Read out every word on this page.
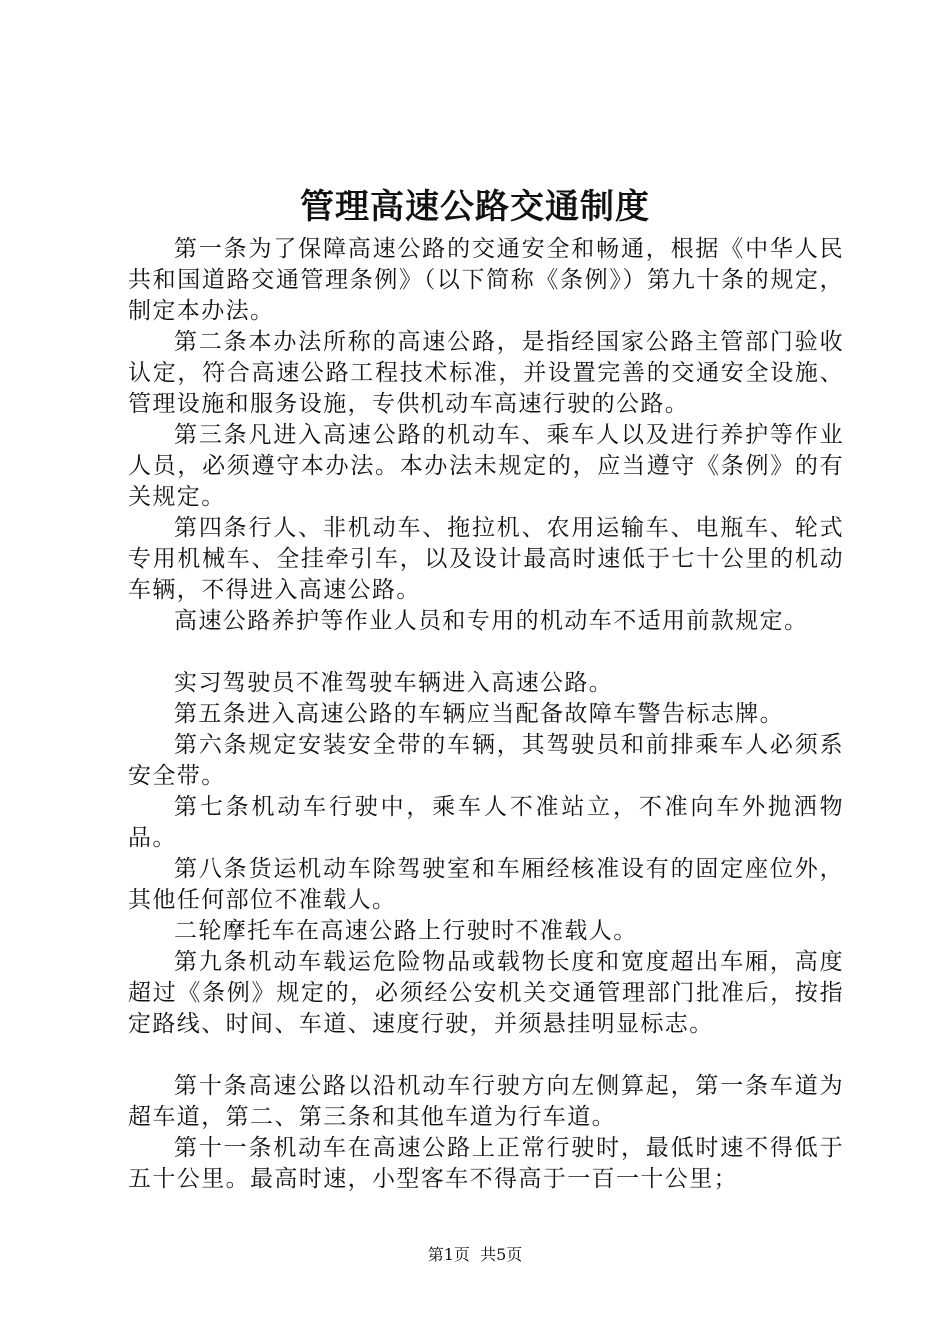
管理高速公路交通制度

第一条为了保障高速公路的交通安全和畅通，根据《中华人民共和国道路交通管理条例》（以下简称《条例》）第九十条的规定，制定本办法。

第二条本办法所称的高速公路，是指经国家公路主管部门验收认定，符合高速公路工程技术标准，并设置完善的交通安全设施、管理设施和服务设施，专供机动车高速行驶的公路。

第三条凡进入高速公路的机动车、乘车人以及进行养护等作业人员，必须遵守本办法。本办法未规定的，应当遵守《条例》的有关规定。

第四条行人、非机动车、拖拉机、农用运输车、电瓶车、轮式专用机械车、全挂牵引车，以及设计最高时速低于七十公里的机动车辆，不得进入高速公路。

高速公路养护等作业人员和专用的机动车不适用前款规定。

实习驾驶员不准驾驶车辆进入高速公路。

第五条进入高速公路的车辆应当配备故障车警告标志牌。

第六条规定安装安全带的车辆，其驾驶员和前排乘车人必须系安全带。

第七条机动车行驶中，乘车人不准站立，不准向车外抛洒物品。

第八条货运机动车除驾驶室和车厢经核准设有的固定座位外，其他任何部位不准载人。

二轮摩托车在高速公路上行驶时不准载人。

第九条机动车载运危险物品或载物长度和宽度超出车厢，高度超过《条例》规定的，必须经公安机关交通管理部门批准后，按指定路线、时间、车道、速度行驶，并须悬挂明显标志。

第十条高速公路以沿机动车行驶方向左侧算起，第一条车道为超车道，第二、第三条和其他车道为行车道。

第十一条机动车在高速公路上正常行驶时，最低时速不得低于五十公里。最高时速，小型客车不得高于一百一十公里；

第1页 共5页
